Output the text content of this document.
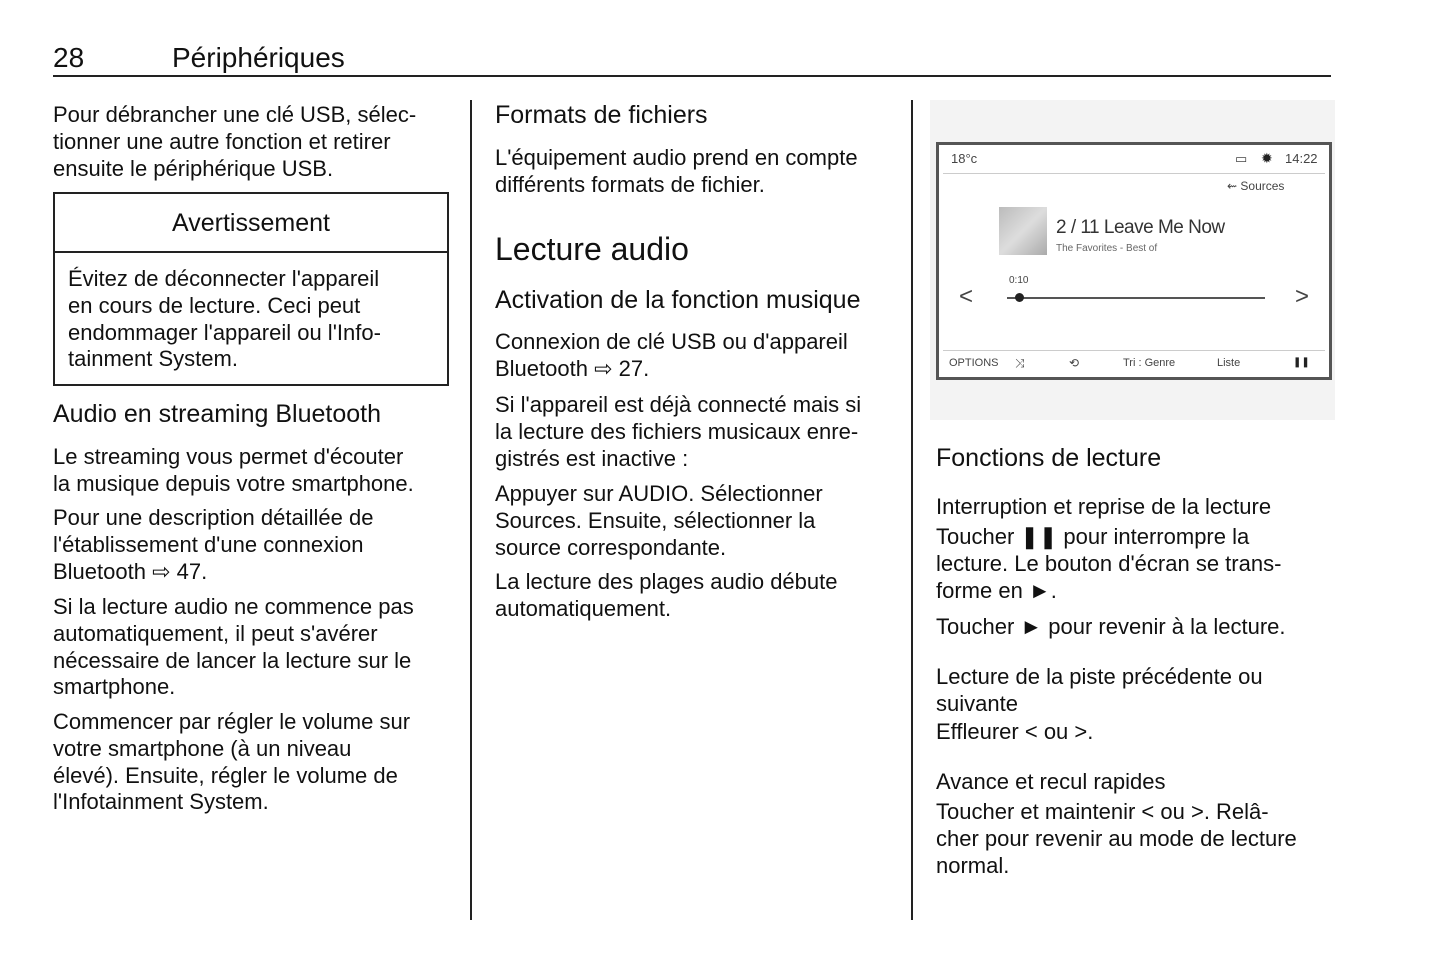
28	Périphériques
Pour débrancher une clé USB, sélec-
tionner une autre fonction et retirer
ensuite le périphérique USB.
Avertissement
Évitez de déconnecter l'appareil
en cours de lecture. Ceci peut
endommager l'appareil ou l'Info-
tainment System.
Audio en streaming Bluetooth
Le streaming vous permet d'écouter
la musique depuis votre smartphone.
Pour une description détaillée de
l'établissement d'une connexion
Bluetooth ⇨ 47.
Si la lecture audio ne commence pas
automatiquement, il peut s'avérer
nécessaire de lancer la lecture sur le
smartphone.
Commencer par régler le volume sur
votre smartphone (à un niveau
élevé). Ensuite, régler le volume de
l'Infotainment System.
Formats de fichiers
L'équipement audio prend en compte
différents formats de fichier.
Lecture audio
Activation de la fonction musique
Connexion de clé USB ou d'appareil
Bluetooth ⇨ 27.
Si l'appareil est déjà connecté mais si
la lecture des fichiers musicaux enre-
gistrés est inactive :
Appuyer sur AUDIO. Sélectionner
Sources. Ensuite, sélectionner la
source correspondante.
La lecture des plages audio débute
automatiquement.
18°c	▭ ✹ 14:22
⇜ Sources
2 / 11 Leave Me Now
The Favorites - Best of
0:10
<	>
OPTIONS ⤨	⟲	Tri : Genre	Liste	❚❚
Fonctions de lecture
Interruption et reprise de la lecture
Toucher ❚❚ pour interrompre la
lecture. Le bouton d'écran se trans-
forme en ►.
Toucher ► pour revenir à la lecture.
Lecture de la piste précédente ou
suivante
Effleurer < ou >.
Avance et recul rapides
Toucher et maintenir < ou >. Relâ-
cher pour revenir au mode de lecture
normal.
